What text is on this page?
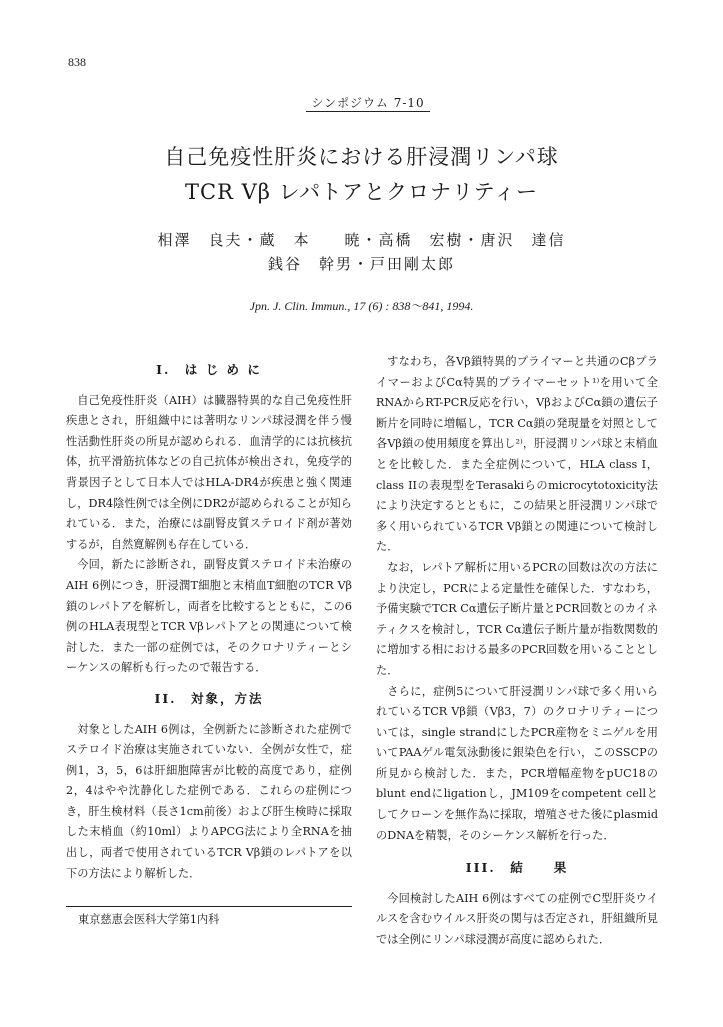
838
シンポジウム 7-10
自己免疫性肝炎における肝浸潤リンパ球
TCR Vβ レパトアとクロナリティー
相澤　良夫・蔵　本　　暁・高橋　宏樹・唐沢　達信
銭谷　幹男・戸田剛太郎
Jpn. J. Clin. Immun., 17 (6) : 838〜841, 1994.
I.　は じ め に

自己免疫性肝炎（AIH）は臓器特異的な自己免疫性肝疾患とされ，肝組織中には著明なリンパ球浸潤を伴う慢性活動性肝炎の所見が認められる．血清学的には抗核抗体，抗平滑筋抗体などの自己抗体が検出され，免疫学的背景因子として日本人ではHLA-DR4が疾患と強く関連し，DR4陰性例では全例にDR2が認められることが知られている．また，治療には副腎皮質ステロイド剤が著効するが，自然寛解例も存在している．

今回，新たに診断され，副腎皮質ステロイド未治療のAIH 6例につき，肝浸潤T細胞と末梢血T細胞のTCR Vβ鎖のレパトアを解析し，両者を比較するとともに，この6例のHLA表現型とTCR Vβレパトアとの関連について検討した．また一部の症例では，そのクロナリティーとシーケンスの解析も行ったので報告する．

II.　対象，方法

対象としたAIH 6例は，全例新たに診断された症例でステロイド治療は実施されていない．全例が女性で，症例1，3，5，6は肝細胞障害が比較的高度であり，症例2，4はやや沈静化した症例である．これらの症例につき，肝生検材料（長さ1cm前後）および肝生検時に採取した末梢血（約10ml）よりAPCG法により全RNAを抽出し，両者で使用されているTCR Vβ鎖のレパトアを以下の方法により解析した．

すなわち，各Vβ鎖特異的プライマーと共通のCβプライマーおよびCα特異的プライマーセット¹⁾を用いて全RNAからRT-PCR反応を行い，VβおよびCα鎖の遺伝子断片を同時に増幅し，TCR Cα鎖の発現量を対照として各Vβ鎖の使用頻度を算出し²⁾，肝浸潤リンパ球と末梢血とを比較した．また全症例について，HLA class I，class IIの表現型をTerasakiらのmicrocytotoxicity法により決定するとともに，この結果と肝浸潤リンパ球で多く用いられているTCR Vβ鎖との関連について検討した．

なお，レパトア解析に用いるPCRの回数は次の方法により決定し，PCRによる定量性を確保した．すなわち，予備実験でTCR Cα遺伝子断片量とPCR回数とのカイネティクスを検討し，TCR Cα遺伝子断片量が指数関数的に増加する相における最多のPCR回数を用いることとした．

さらに，症例5について肝浸潤リンパ球で多く用いられているTCR Vβ鎖（Vβ3，7）のクロナリティーについては，single strandにしたPCR産物をミニゲルを用いてPAAゲル電気泳動後に銀染色を行い，このSSCPの所見から検討した．また，PCR増幅産物をpUC18のblunt endにligationし，JM109をcompetent cellとしてクローンを無作為に採取，増殖させた後にplasmidのDNAを精製，そのシーケンス解析を行った．

III.　結　　果

今回検討したAIH 6例はすべての症例でC型肝炎ウイルスを含むウイルス肝炎の関与は否定され，肝組織所見では全例にリンパ球浸潤が高度に認められた．

東京慈恵会医科大学第1内科
